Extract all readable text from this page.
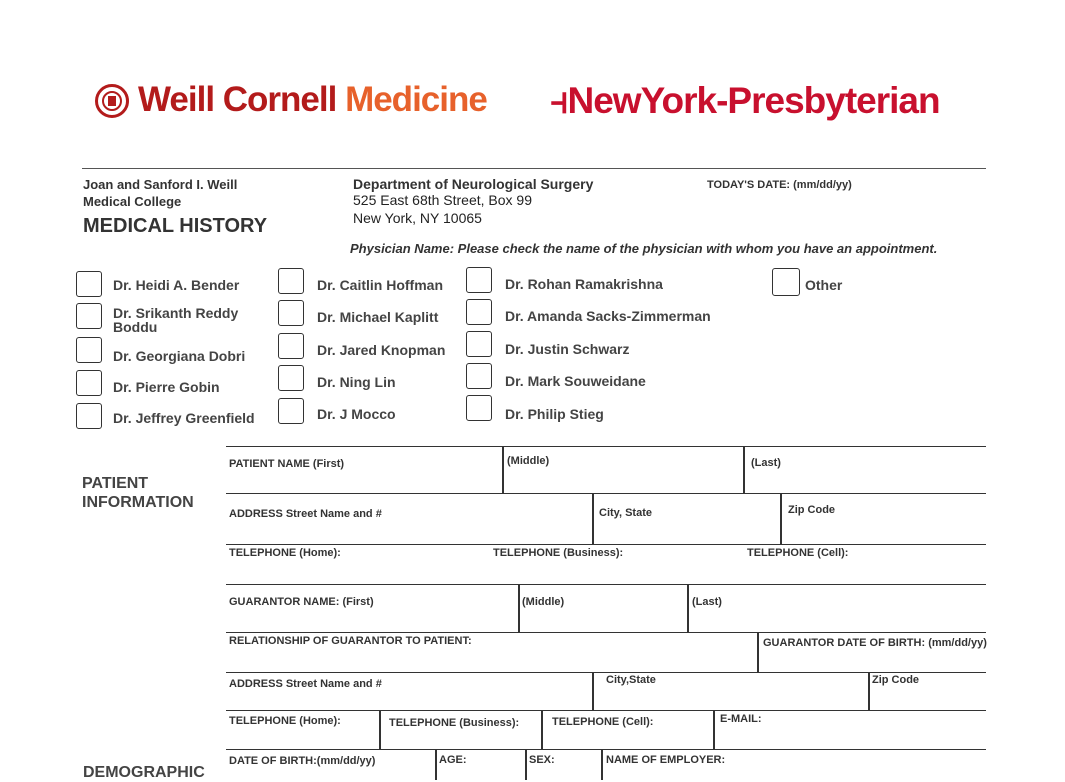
Weill Cornell Medicine ⫞NewYork-Presbyterian
Joan and Sanford I. Weill
Medical College
MEDICAL HISTORY
Department of Neurological Surgery
525 East 68th Street, Box 99
New York, NY 10065
TODAY'S DATE: (mm/dd/yy)
Physician Name: Please check the name of the physician with whom you have an appointment.
Dr. Heidi A. Bender
Dr. Srikanth Reddy Boddu
Dr. Georgiana Dobri
Dr. Pierre Gobin
Dr. Jeffrey Greenfield
Dr. Caitlin Hoffman
Dr. Michael Kaplitt
Dr. Jared Knopman
Dr. Ning Lin
Dr. J Mocco
Dr. Rohan Ramakrishna
Dr. Amanda Sacks-Zimmerman
Dr. Justin Schwarz
Dr. Mark Souweidane
Dr. Philip Stieg
Other
PATIENT
INFORMATION
DEMOGRAPHIC
PATIENT NAME (First)	(Middle)	(Last)
ADDRESS Street Name and #	City, State	Zip Code
TELEPHONE (Home):	TELEPHONE (Business):	TELEPHONE (Cell):
GUARANTOR NAME: (First)	(Middle)	(Last)
RELATIONSHIP OF GUARANTOR TO PATIENT:	GUARANTOR DATE OF BIRTH: (mm/dd/yy)
ADDRESS Street Name and #	City,State	Zip Code
TELEPHONE (Home):	TELEPHONE (Business):	TELEPHONE (Cell):	E-MAIL:
DATE OF BIRTH:(mm/dd/yy)	AGE:	SEX:	NAME OF EMPLOYER:
